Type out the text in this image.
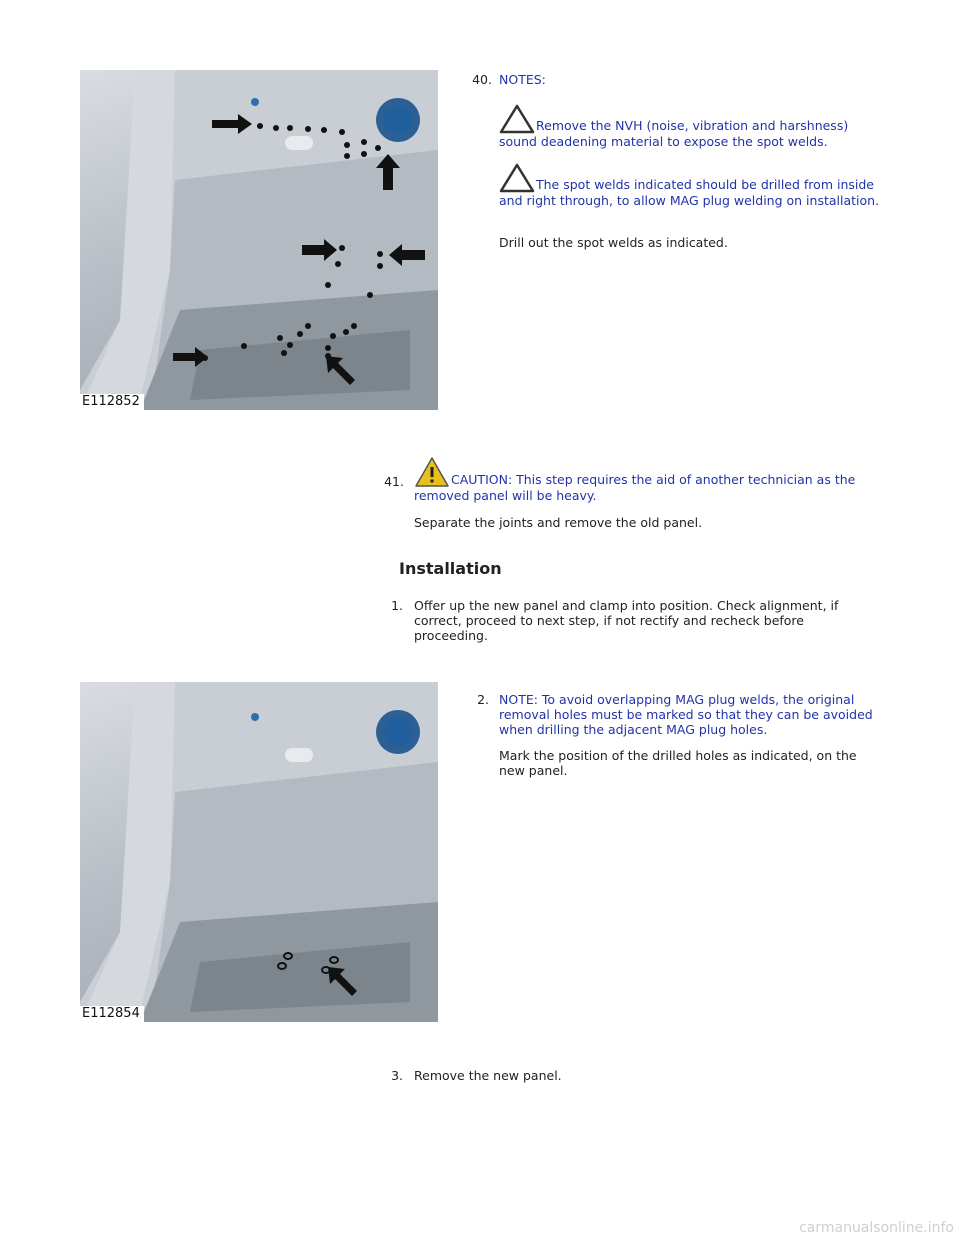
E112852
40. NOTES:
Remove the NVH (noise, vibration and harshness) sound deadening material to expose the spot welds.
The spot welds indicated should be drilled from inside and right through, to allow MAG plug welding on installation.
Drill out the spot welds as indicated.
41.	CAUTION: This step requires the aid of another technician as the removed panel will be heavy.
Separate the joints and remove the old panel.
Installation
1. Offer up the new panel and clamp into position. Check alignment, if correct, proceed to next step, if not rectify and recheck before proceeding.
E112854
2. NOTE: To avoid overlapping MAG plug welds, the original removal holes must be marked so that they can be avoided when drilling the adjacent MAG plug holes.
Mark the position of the drilled holes as indicated, on the new panel.
3. Remove the new panel.
carmanualsonline.info
